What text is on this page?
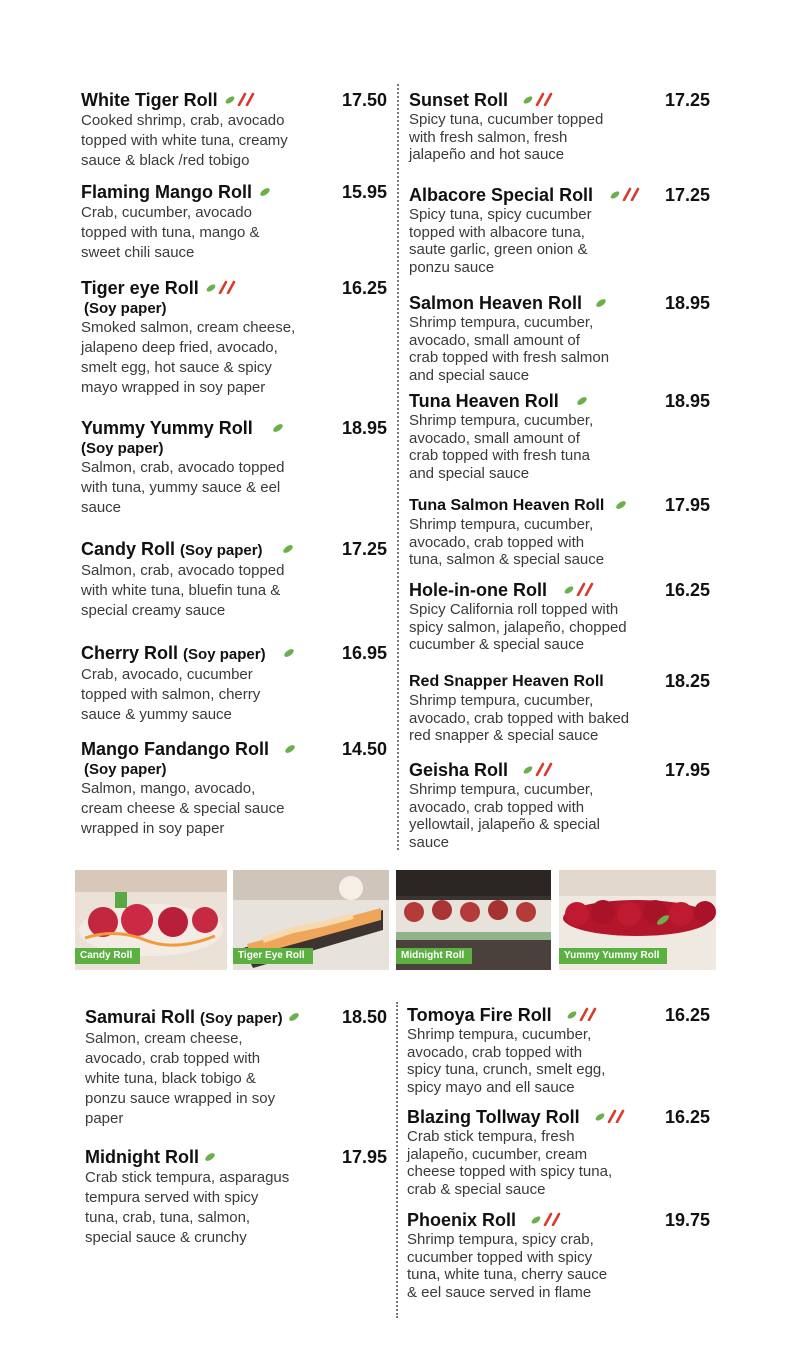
White Tiger Roll
Cooked shrimp, crab, avocado
topped with white tuna, creamy
sauce & black /red tobigo
17.50
Flaming Mango Roll
Crab, cucumber, avocado
topped with tuna, mango &
sweet chili sauce
15.95
Tiger eye Roll
(Soy paper)
Smoked salmon, cream cheese,
jalapeno deep fried, avocado,
smelt egg, hot sauce & spicy
mayo wrapped in soy paper
16.25
Yummy Yummy Roll
(Soy paper)
Salmon, crab, avocado topped
with tuna, yummy sauce & eel
sauce
18.95
Candy Roll (Soy paper)
Salmon, crab, avocado topped
with white tuna, bluefin tuna &
special creamy sauce
17.25
Cherry Roll (Soy paper)
Crab, avocado, cucumber
topped with salmon, cherry
sauce & yummy sauce
16.95
Mango Fandango Roll
(Soy paper)
Salmon, mango, avocado,
cream cheese & special sauce
wrapped in soy paper
14.50
Sunset Roll
Spicy tuna, cucumber topped
with fresh salmon, fresh
jalapeño and hot sauce
17.25
Albacore Special Roll
Spicy tuna, spicy cucumber
topped with albacore tuna,
saute garlic, green onion &
ponzu sauce
17.25
Salmon Heaven Roll
Shrimp tempura, cucumber,
avocado, small amount of
crab topped with fresh salmon
and special sauce
18.95
Tuna Heaven Roll
Shrimp tempura, cucumber,
avocado, small amount of
crab topped with fresh tuna
and special sauce
18.95
Tuna Salmon Heaven Roll
Shrimp tempura, cucumber,
avocado, crab topped with
tuna, salmon & special sauce
17.95
Hole-in-one Roll
Spicy California roll topped with
spicy salmon, jalapeño, chopped
cucumber & special sauce
16.25
Red Snapper Heaven Roll
Shrimp tempura, cucumber,
avocado, crab topped with baked
red snapper & special sauce
18.25
Geisha Roll
Shrimp tempura, cucumber,
avocado, crab topped with
yellowtail, jalapeño & special
sauce
17.95
Candy Roll	Tiger Eye Roll	Midnight Roll	Yummy Yummy Roll
Samurai Roll (Soy paper)
Salmon, cream cheese,
avocado, crab topped with
white tuna, black tobigo &
ponzu sauce wrapped in soy
paper
18.50
Midnight Roll
Crab stick tempura, asparagus
tempura served with spicy
tuna, crab, tuna, salmon,
special sauce & crunchy
17.95
Tomoya Fire Roll
Shrimp tempura, cucumber,
avocado, crab topped with
spicy tuna, crunch, smelt egg,
spicy mayo and ell sauce
16.25
Blazing Tollway Roll
Crab stick tempura, fresh
jalapeño, cucumber, cream
cheese topped with spicy tuna,
crab & special sauce
16.25
Phoenix Roll
Shrimp tempura, spicy crab,
cucumber topped with spicy
tuna, white tuna, cherry sauce
& eel sauce served in flame
19.75
